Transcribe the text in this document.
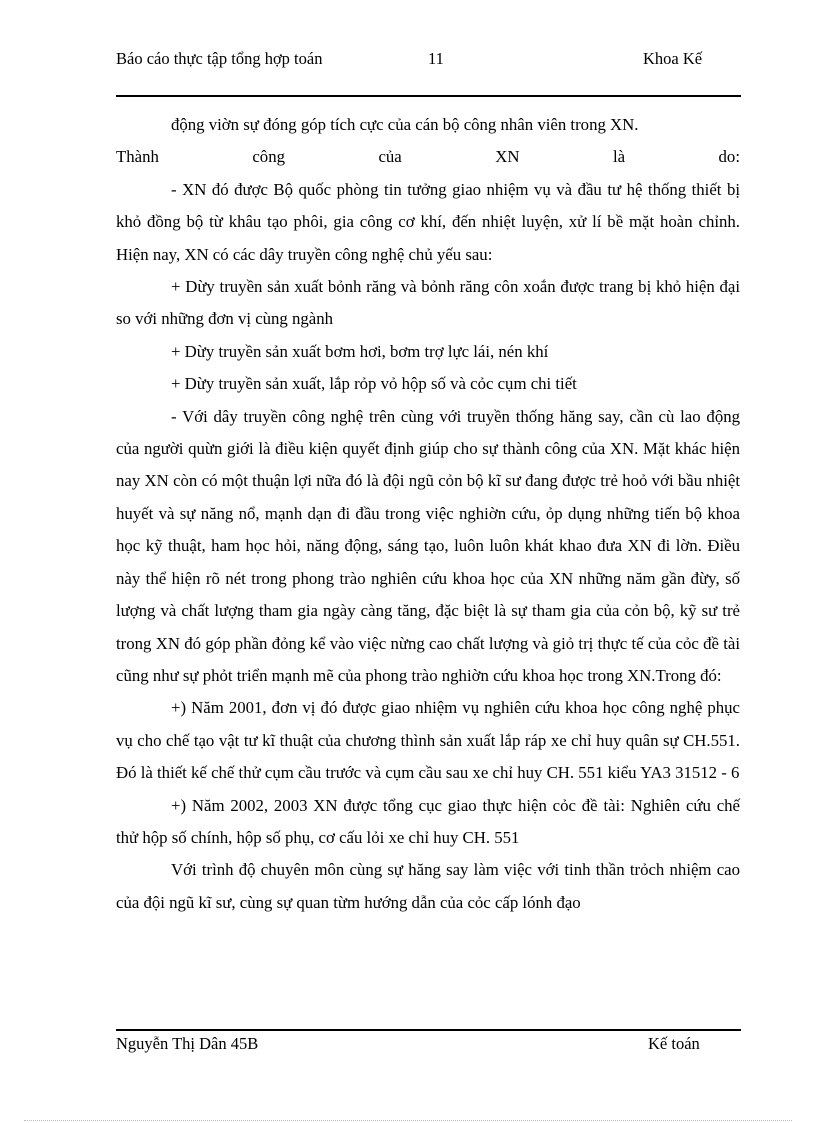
Báo cáo thực tập tổng hợp toán	11	Khoa Kế

động viờn sự đóng góp tích cực của cán bộ công nhân viên trong XN.

Thành công của XN là do:

- XN đó được Bộ quốc phòng tin tưởng giao nhiệm vụ và đầu tư hệ thống thiết bị khỏ đồng bộ từ khâu tạo phôi, gia công cơ khí, đến nhiệt luyện, xử lí bề mặt hoàn chỉnh. Hiện nay, XN có các dây truyền công nghệ chủ yếu sau:

+ Dừy truyền sản xuất bỏnh răng và bỏnh răng côn xoắn được trang bị khỏ hiện đại so với những đơn vị cùng ngành

+ Dừy truyền sản xuất bơm hơi, bơm trợ lực lái, nén khí

+ Dừy truyền sản xuất, lắp rỏp vỏ hộp số và cỏc cụm chi tiết

- Với dây truyền công nghệ trên cùng với truyền thống hăng say, cần cù lao động của người quừn giới là điều kiện quyết định giúp cho sự thành công của XN. Mặt khác hiện nay XN còn có một thuận lợi nữa đó là đội ngũ cỏn bộ kĩ sư đang được trẻ hoỏ với bầu nhiệt huyết và sự năng nổ, mạnh dạn đi đầu trong việc nghiờn cứu, ỏp dụng những tiến bộ khoa học kỹ thuật, ham học hỏi, năng động, sáng tạo, luôn luôn khát khao đưa XN đi lờn. Điều này thể hiện rõ nét trong phong trào nghiên cứu khoa học của XN những năm gần đừy, số lượng và chất lượng tham gia ngày càng tăng, đặc biệt là sự tham gia của cỏn bộ, kỹ sư trẻ trong XN đó góp phần đỏng kể vào việc nừng cao chất lượng và giỏ trị thực tế của cỏc đề tài cũng như sự phỏt triển mạnh mẽ của phong trào nghiờn cứu khoa học trong XN.Trong đó:

+) Năm 2001, đơn vị đó được giao nhiệm vụ nghiên cứu khoa học công nghệ phục vụ cho chế tạo vật tư kĩ thuật của chương thình sản xuất lắp ráp xe chỉ huy quân sự CH.551. Đó là thiết kế chế thử cụm cầu trước và cụm cầu sau xe chỉ huy CH. 551 kiểu YA3 31512 - 6

+) Năm 2002, 2003 XN được tổng cục giao thực hiện cỏc đề tài: Nghiên cứu chế thử hộp số chính, hộp số phụ, cơ cấu lỏi xe chỉ huy CH. 551

Với trình độ chuyên môn cùng sự hăng say làm việc với tinh thần trỏch nhiệm cao của đội ngũ kĩ sư, cùng sự quan từm hướng dẫn của cỏc cấp lónh đạo

Nguyễn Thị Dân 45B	Kế toán
